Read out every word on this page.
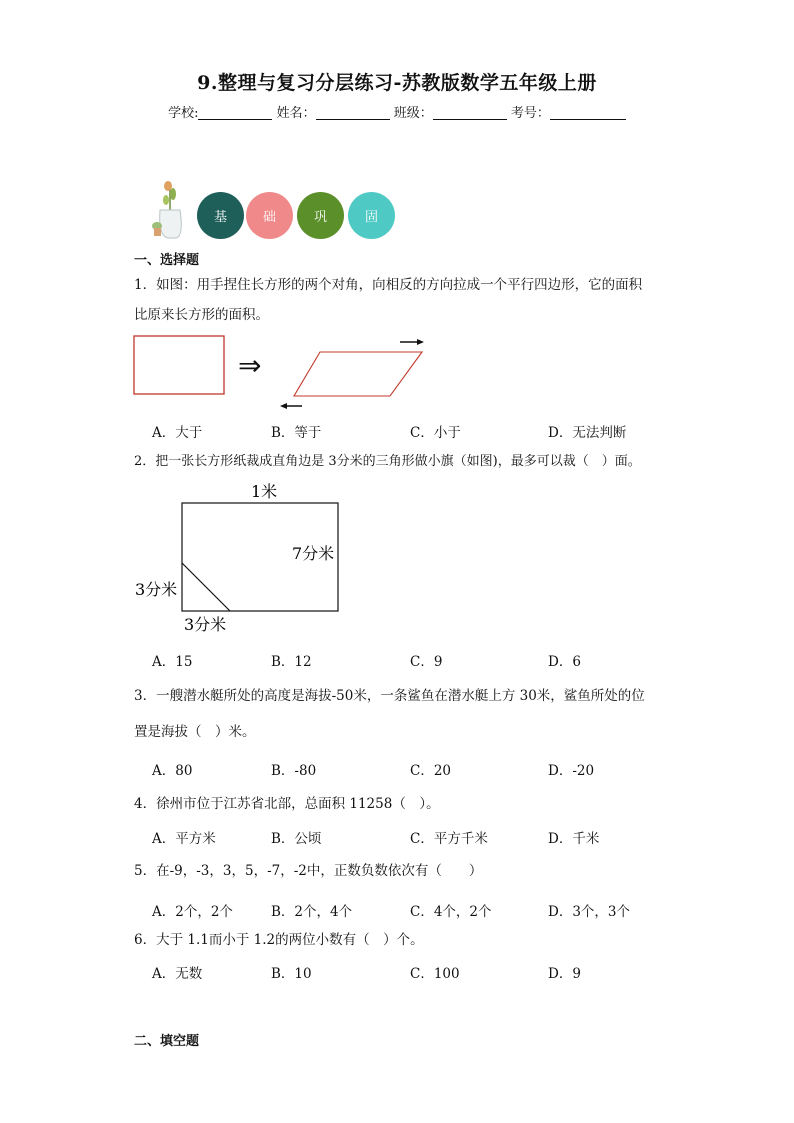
9.整理与复习分层练习-苏教版数学五年级上册
学校:	姓名：	班级：	考号：
基	础	巩	固
一、选择题
1．如图：用手捏住长方形的两个对角，向相反的方向拉成一个平行四边形，它的面积
比原来长方形的面积。
⇒
A．大于	B．等于	C．小于	D．无法判断
2．把一张长方形纸裁成直角边是 3分米的三角形做小旗（如图)，最多可以裁（　）面。
1米
7分米
3分米
3分米
A．15	B．12	C．9	D．6
3．一艘潜水艇所处的高度是海拔-50米，一条鲨鱼在潜水艇上方 30米，鲨鱼所处的位
置是海拔（　）米。
A．80	B．-80	C．20	D．-20
4．徐州市位于江苏省北部，总面积 11258（　）。
A．平方米	B．公顷	C．平方千米	D．千米
5．在-9，-3，3，5，-7，-2中，正数负数依次有（　　）
A．2个，2个	B．2个，4个	C．4个，2个	D．3个，3个
6．大于 1.1而小于 1.2的两位小数有（　）个。
A．无数	B．10	C．100	D．9
二、填空题
